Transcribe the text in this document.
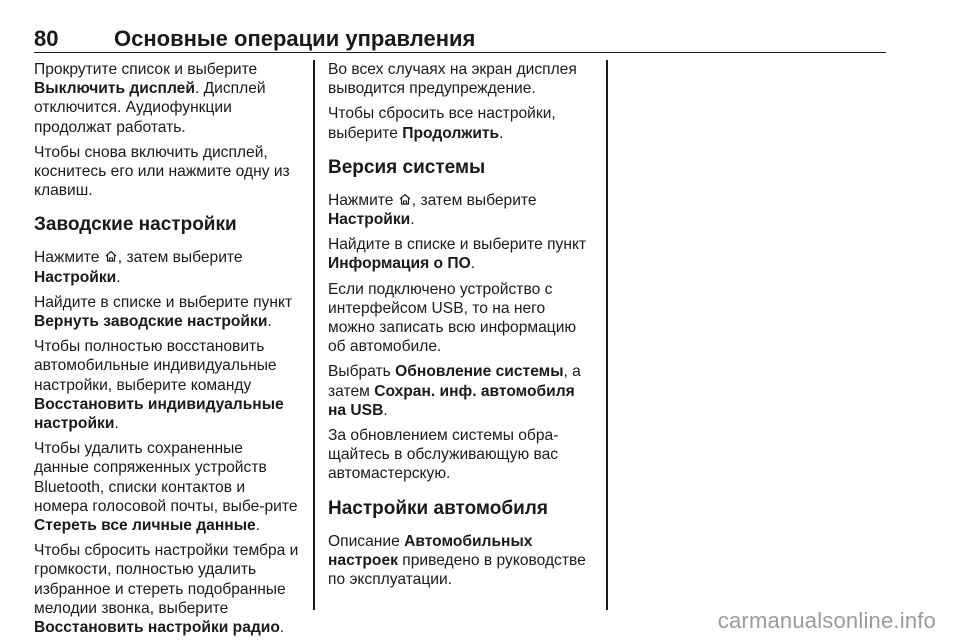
80	Основные операции управления

Прокрутите список и выберите Выключить дисплей. Дисплей отключится. Аудиофункции продолжат работать.

Чтобы снова включить дисплей, коснитесь его или нажмите одну из клавиш.

Заводские настройки

Нажмите , затем выберите Настройки.

Найдите в списке и выберите пункт Вернуть заводские настройки.

Чтобы полностью восстановить автомобильные индивидуальные настройки, выберите команду Восстановить индивидуальные настройки.

Чтобы удалить сохраненные данные сопряженных устройств Bluetooth, списки контактов и номера голосовой почты, выбе-рите Стереть все личные данные.

Чтобы сбросить настройки тембра и громкости, полностью удалить избранное и стереть подобранные мелодии звонка, выберите Восстановить настройки радио.

Во всех случаях на экран дисплея выводится предупреждение.

Чтобы сбросить все настройки, выберите Продолжить.

Версия системы

Нажмите , затем выберите Настройки.

Найдите в списке и выберите пункт Информация о ПО.

Если подключено устройство с интерфейсом USB, то на него можно записать всю информацию об автомобиле.

Выбрать Обновление системы, а затем Сохран. инф. автомобиля на USB.

За обновлением системы обра-щайтесь в обслуживающую вас автомастерскую.

Настройки автомобиля

Описание Автомобильных настроек приведено в руководстве по эксплуатации.

carmanualsonline.info
